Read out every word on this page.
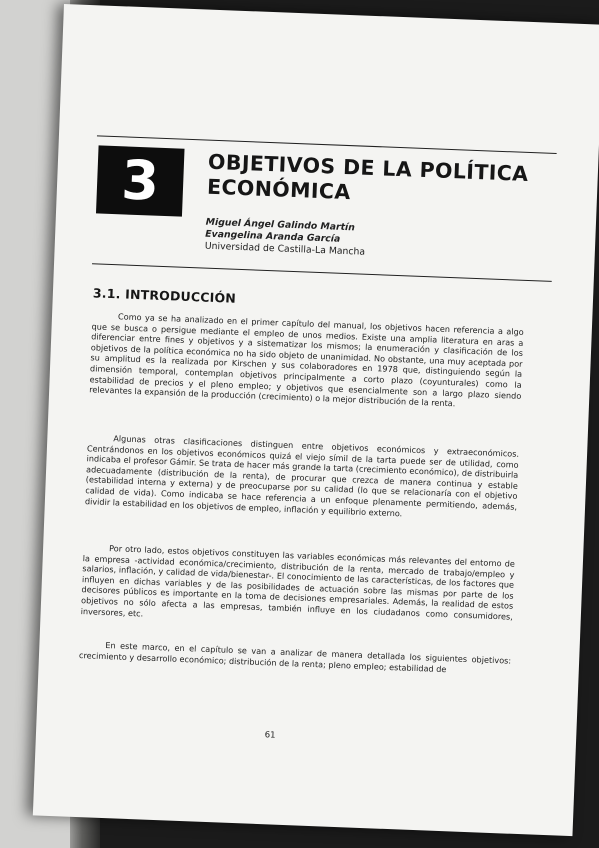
3	OBJETIVOS DE LA POLÍTICA ECONÓMICA
Miguel Ángel Galindo Martín
Evangelina Aranda García
Universidad de Castilla-La Mancha
3.1. INTRODUCCIÓN
Como ya se ha analizado en el primer capítulo del manual, los objetivos hacen referencia a algo que se busca o persigue mediante el empleo de unos medios. Existe una amplia literatura en aras a diferenciar entre fines y objetivos y a sistematizar los mismos; la enumeración y clasificación de los objetivos de la política económica no ha sido objeto de unanimidad. No obstante, una muy aceptada por su amplitud es la realizada por Kirschen y sus colaboradores en 1978 que, distinguiendo según la dimensión temporal, contemplan objetivos principalmente a corto plazo (coyunturales) como la estabilidad de precios y el pleno empleo; y objetivos que esencialmente son a largo plazo siendo relevantes la expansión de la producción (crecimiento) o la mejor distribución de la renta.
Algunas otras clasificaciones distinguen entre objetivos económicos y extraeconómicos. Centrándonos en los objetivos económicos quizá el viejo símil de la tarta puede ser de utilidad, como indicaba el profesor Gámir. Se trata de hacer más grande la tarta (crecimiento económico), de distribuirla adecuadamente (distribución de la renta), de procurar que crezca de manera continua y estable (estabilidad interna y externa) y de preocuparse por su calidad (lo que se relacionaría con el objetivo calidad de vida). Como indicaba se hace referencia a un enfoque plenamente permitiendo, además, dividir la estabilidad en los objetivos de empleo, inflación y equilibrio externo.
Por otro lado, estos objetivos constituyen las variables económicas más relevantes del entorno de la empresa -actividad económica/crecimiento, distribución de la renta, mercado de trabajo/empleo y salarios, inflación, y calidad de vida/bienestar-. El conocimiento de las características, de los factores que influyen en dichas variables y de las posibilidades de actuación sobre las mismas por parte de los decisores públicos es importante en la toma de decisiones empresariales. Además, la realidad de estos objetivos no sólo afecta a las empresas, también influye en los ciudadanos como consumidores, inversores, etc.
En este marco, en el capítulo se van a analizar de manera detallada los siguientes objetivos: crecimiento y desarrollo económico; distribución de la renta; pleno empleo; estabilidad de
61
